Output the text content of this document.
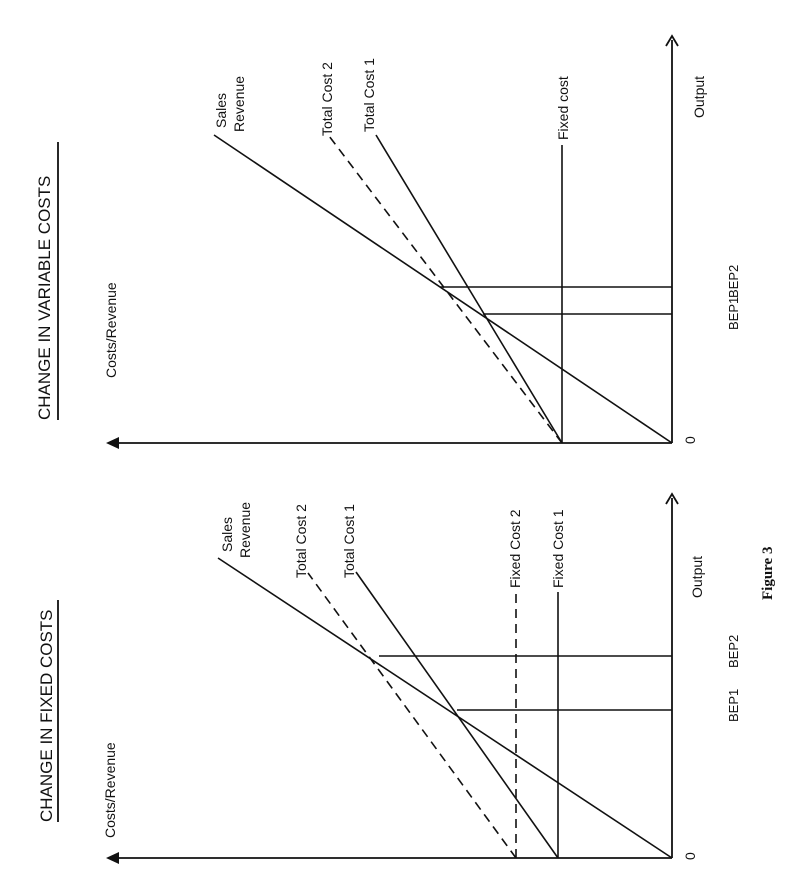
CHANGE IN FIXED COSTS	Costs/Revenue
0
Output
BEP1
BEP2
Sales Revenue	Total Cost 2 Total Cost 1	Fixed Cost 2 Fixed Cost 1
CHANGE IN VARIABLE COSTS	Costs/Revenue
0
Output
BEP1
BEP2
Sales Revenue	Total Cost 2 Total Cost 1	Fixed cost
Figure 3
